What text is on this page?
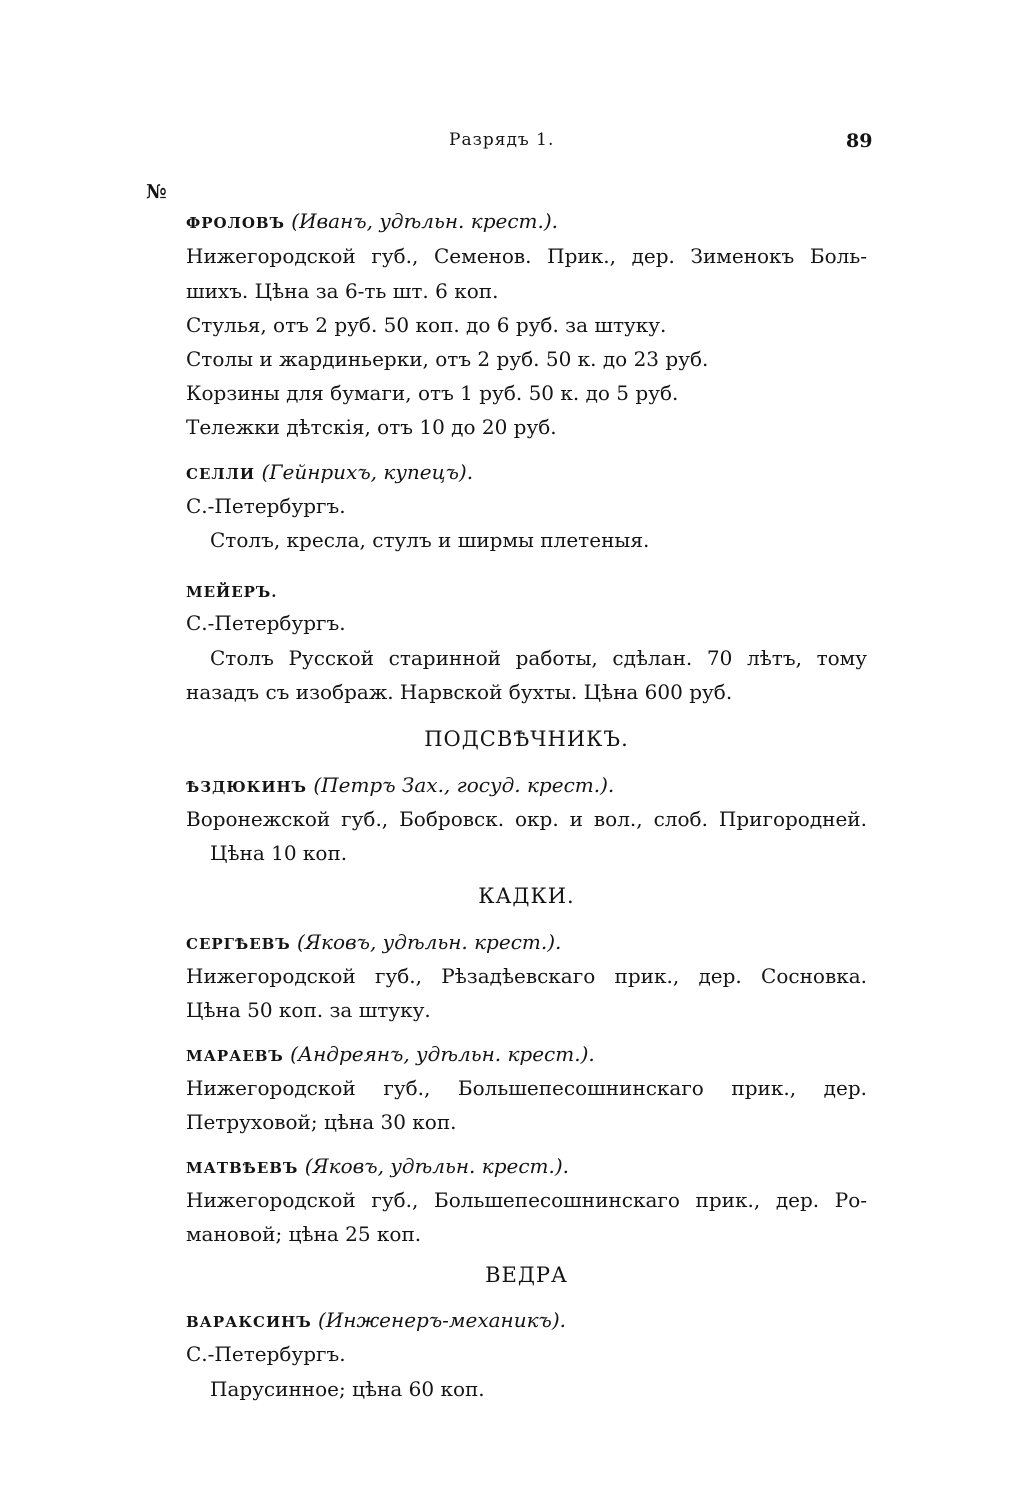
Разрядъ 1.	89
№
ФРОЛОВЪ (Иванъ, удѣльн. крест.).
Нижегородской губ., Семенов. Прик., дер. Зименокъ Боль-
шихъ. Цѣна за 6-ть шт. 6 коп.
Стулья, отъ 2 руб. 50 коп. до 6 руб. за штуку.
Столы и жардиньерки, отъ 2 руб. 50 к. до 23 руб.
Корзины для бумаги, отъ 1 руб. 50 к. до 5 руб.
Тележки дѣтскія, отъ 10 до 20 руб.
СЕЛЛИ (Гейнрихъ, купецъ).
С.-Петербургъ.
Столъ, кресла, стулъ и ширмы плетеныя.
МЕЙЕРЪ.
С.-Петербургъ.
Столъ Русской старинной работы, сдѣлан. 70 лѣтъ, тому
назадъ съ изображ. Нарвской бухты. Цѣна 600 руб.
ПОДСВѢЧНИКЪ.
ѢЗДЮКИНЪ (Петръ Зах., госуд. крест.).
Воронежской губ., Бобровск. окр. и вол., слоб. Пригородней.
Цѣна 10 коп.
КАДКИ.
СЕРГѢЕВЪ (Яковъ, удѣльн. крест.).
Нижегородской губ., Рѣзадѣевскаго прик., дер. Сосновка.
Цѣна 50 коп. за штуку.
МАРАЕВЪ (Андреянъ, удѣльн. крест.).
Нижегородской губ., Большепесошнинскаго прик., дер.
Петруховой; цѣна 30 коп.
МАТВѢЕВЪ (Яковъ, удѣльн. крест.).
Нижегородской губ., Большепесошнинскаго прик., дер. Ро-
мановой; цѣна 25 коп.
ВЕДРА
ВАРАКСИНЪ (Инженеръ-механикъ).
С.-Петербургъ.
Парусинное; цѣна 60 коп.
